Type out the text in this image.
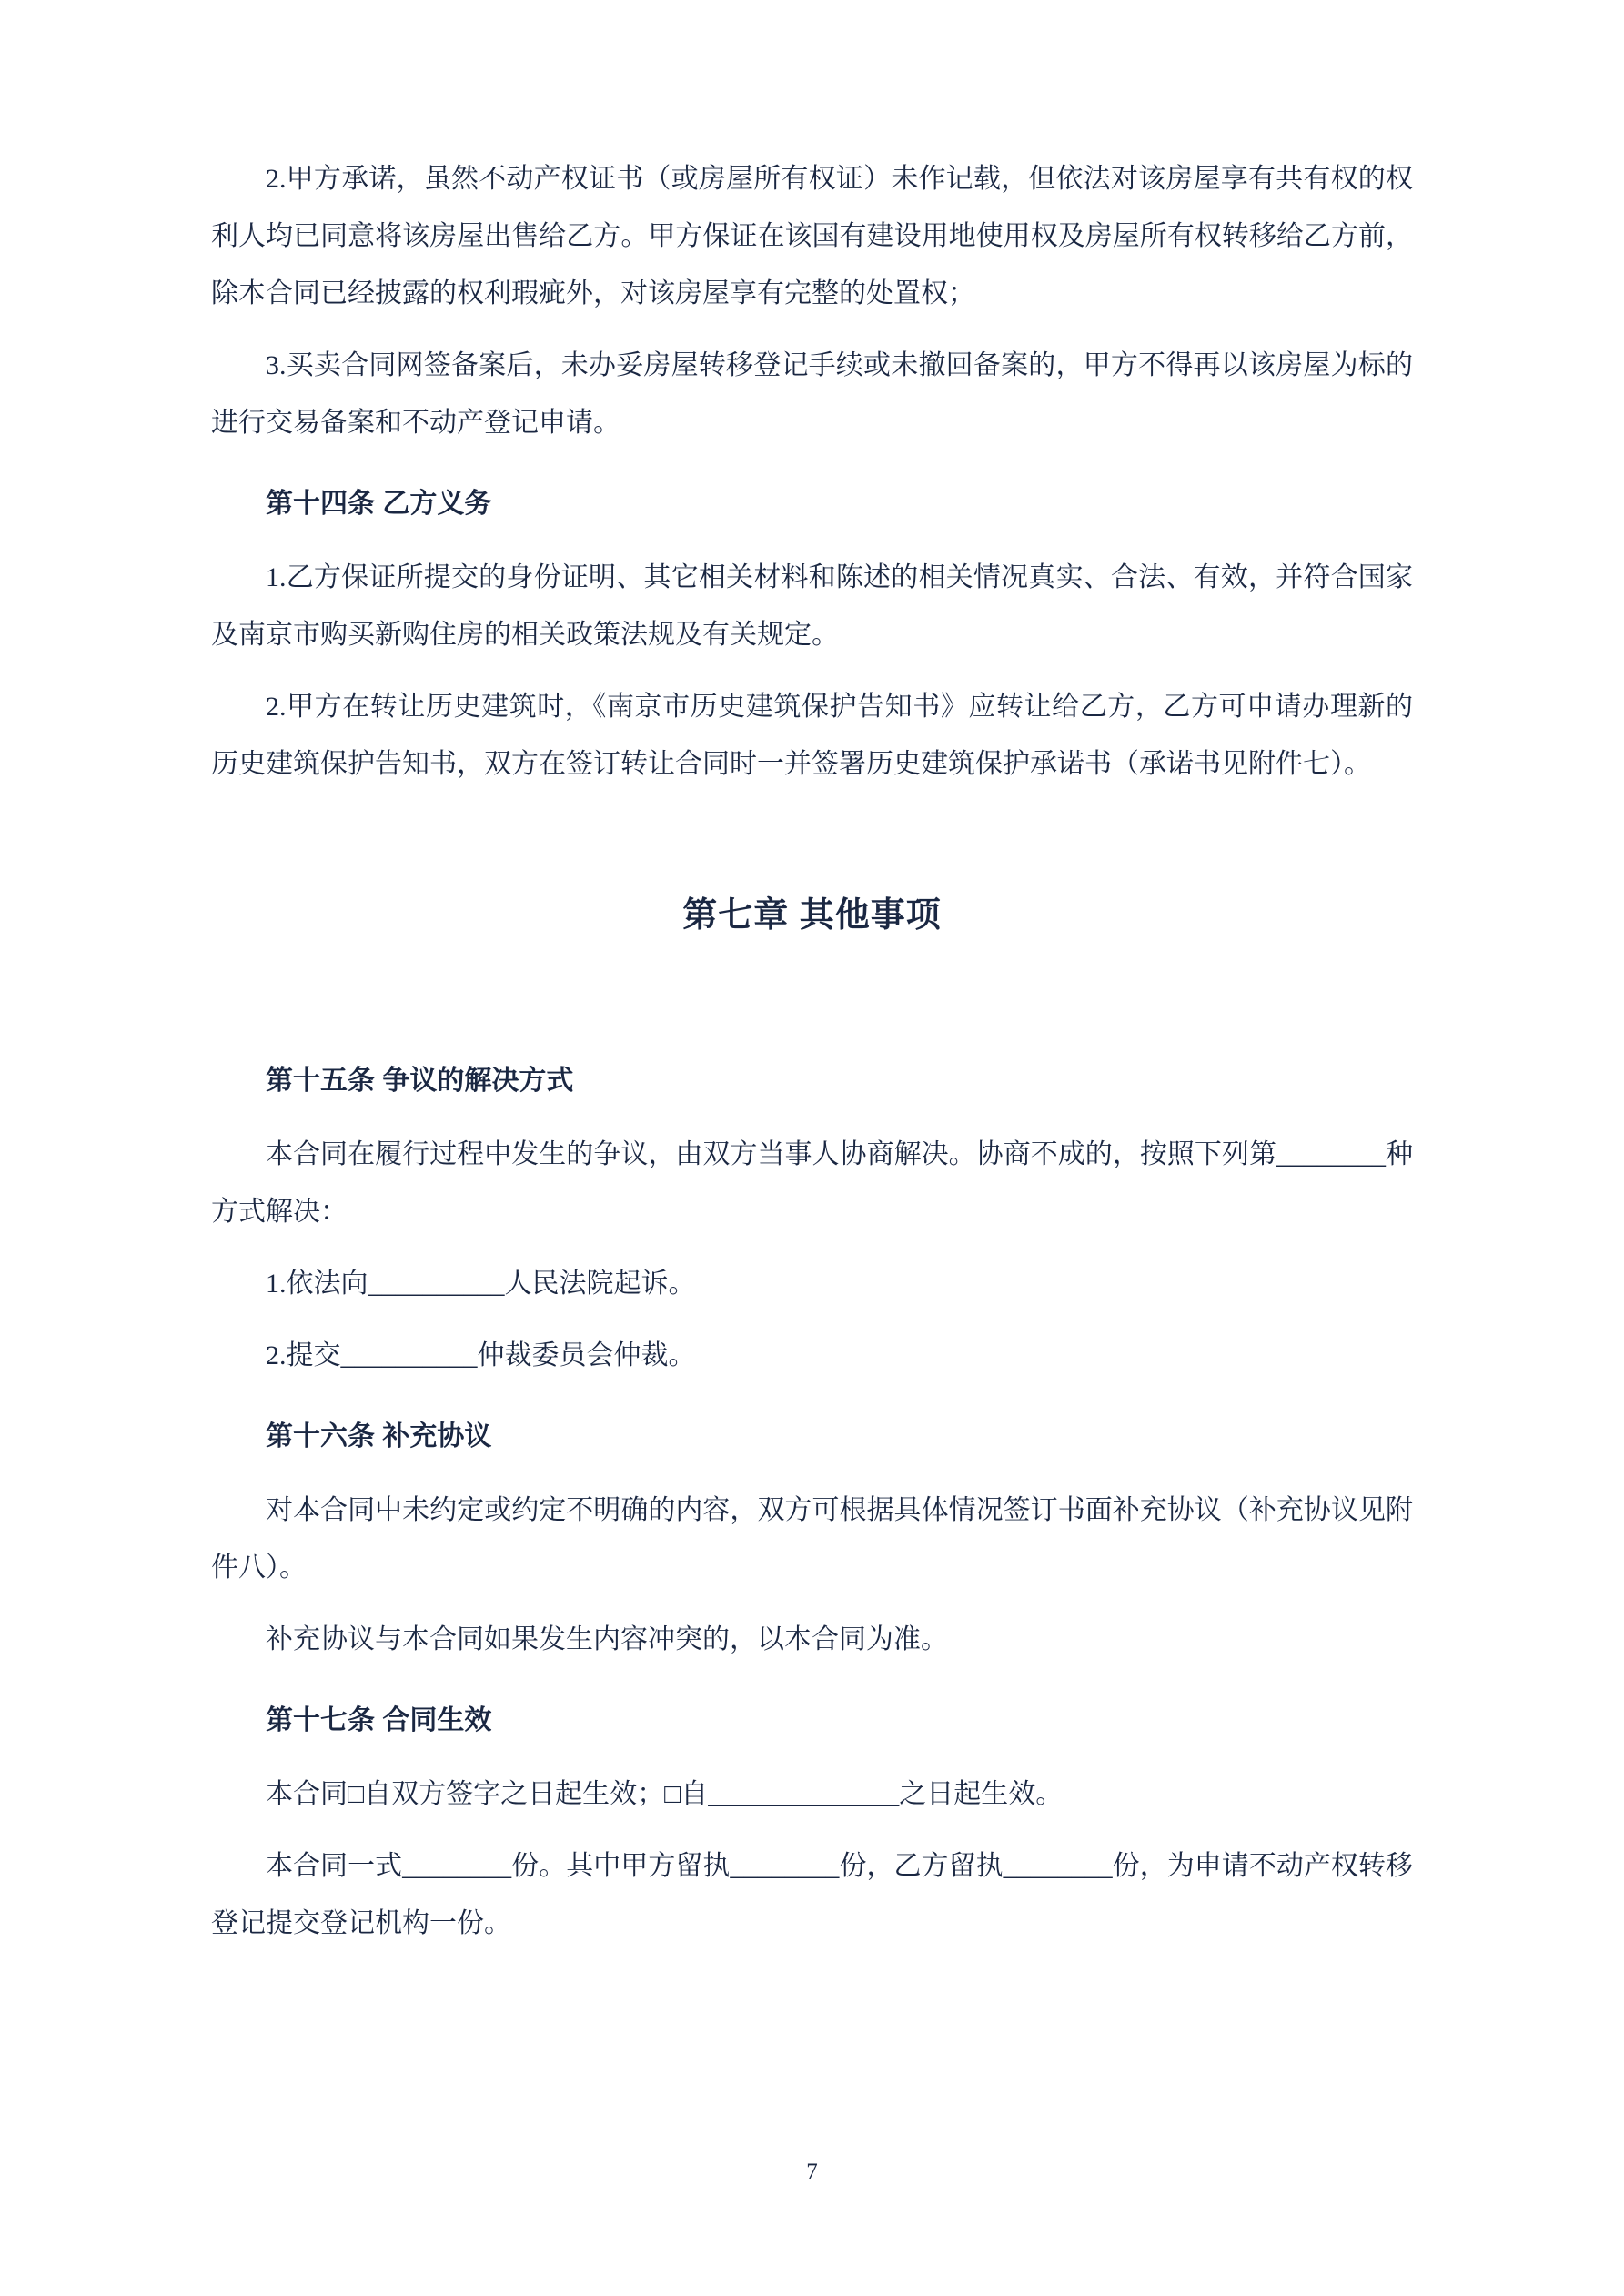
2.甲方承诺，虽然不动产权证书（或房屋所有权证）未作记载，但依法对该房屋享有共有权的权利人均已同意将该房屋出售给乙方。甲方保证在该国有建设用地使用权及房屋所有权转移给乙方前，除本合同已经披露的权利瑕疵外，对该房屋享有完整的处置权；

3.买卖合同网签备案后，未办妥房屋转移登记手续或未撤回备案的，甲方不得再以该房屋为标的进行交易备案和不动产登记申请。

第十四条 乙方义务

1.乙方保证所提交的身份证明、其它相关材料和陈述的相关情况真实、合法、有效，并符合国家及南京市购买新购住房的相关政策法规及有关规定。

2.甲方在转让历史建筑时，《南京市历史建筑保护告知书》应转让给乙方，乙方可申请办理新的历史建筑保护告知书，双方在签订转让合同时一并签署历史建筑保护承诺书（承诺书见附件七）。

第七章 其他事项
第十五条 争议的解决方式

本合同在履行过程中发生的争议，由双方当事人协商解决。协商不成的，按照下列第________种方式解决：

1.依法向__________人民法院起诉。

2.提交__________仲裁委员会仲裁。

第十六条 补充协议

对本合同中未约定或约定不明确的内容，双方可根据具体情况签订书面补充协议（补充协议见附件八）。

补充协议与本合同如果发生内容冲突的，以本合同为准。

第十七条 合同生效

本合同□自双方签字之日起生效；□自______________之日起生效。

本合同一式________份。其中甲方留执________份，乙方留执________份，为申请不动产权转移登记提交登记机构一份。

7
